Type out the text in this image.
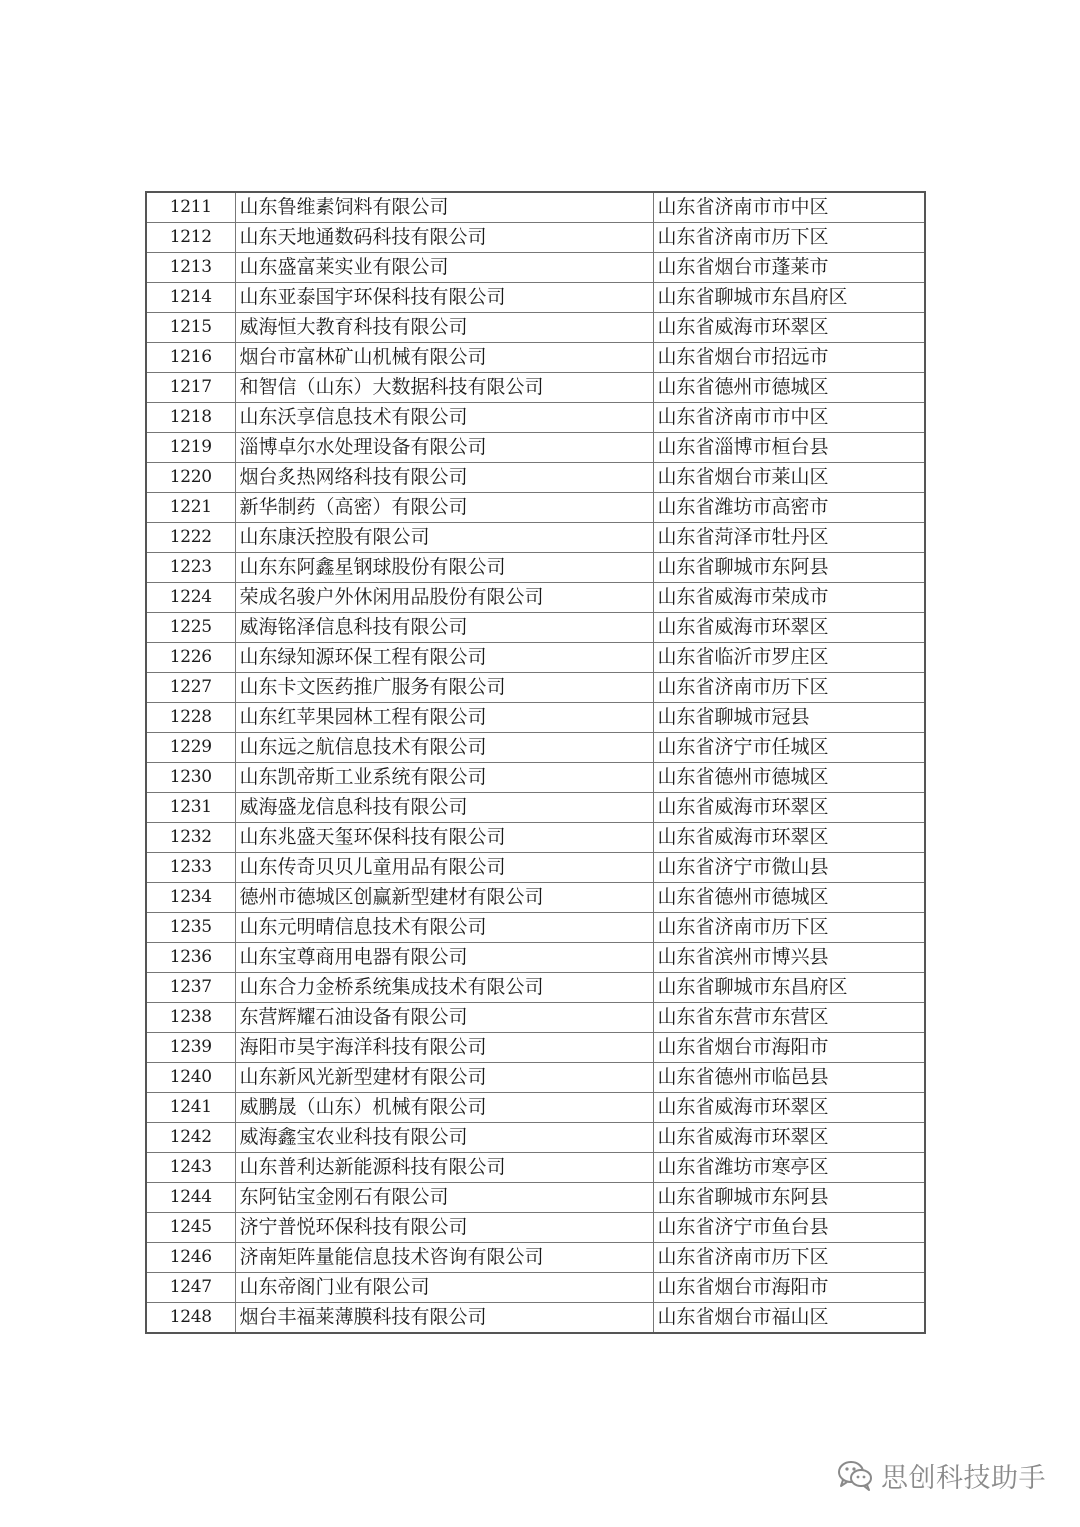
1211	山东鲁维素饲料有限公司	山东省济南市市中区
1212	山东天地通数码科技有限公司	山东省济南市历下区
1213	山东盛富莱实业有限公司	山东省烟台市蓬莱市
1214	山东亚泰国宇环保科技有限公司	山东省聊城市东昌府区
1215	威海恒大教育科技有限公司	山东省威海市环翠区
1216	烟台市富林矿山机械有限公司	山东省烟台市招远市
1217	和智信（山东）大数据科技有限公司	山东省德州市德城区
1218	山东沃享信息技术有限公司	山东省济南市市中区
1219	淄博卓尔水处理设备有限公司	山东省淄博市桓台县
1220	烟台炙热网络科技有限公司	山东省烟台市莱山区
1221	新华制药（高密）有限公司	山东省潍坊市高密市
1222	山东康沃控股有限公司	山东省菏泽市牡丹区
1223	山东东阿鑫星钢球股份有限公司	山东省聊城市东阿县
1224	荣成名骏户外休闲用品股份有限公司	山东省威海市荣成市
1225	威海铭泽信息科技有限公司	山东省威海市环翠区
1226	山东绿知源环保工程有限公司	山东省临沂市罗庄区
1227	山东卡文医药推广服务有限公司	山东省济南市历下区
1228	山东红苹果园林工程有限公司	山东省聊城市冠县
1229	山东远之航信息技术有限公司	山东省济宁市任城区
1230	山东凯帝斯工业系统有限公司	山东省德州市德城区
1231	威海盛龙信息科技有限公司	山东省威海市环翠区
1232	山东兆盛天玺环保科技有限公司	山东省威海市环翠区
1233	山东传奇贝贝儿童用品有限公司	山东省济宁市微山县
1234	德州市德城区创赢新型建材有限公司	山东省德州市德城区
1235	山东元明晴信息技术有限公司	山东省济南市历下区
1236	山东宝尊商用电器有限公司	山东省滨州市博兴县
1237	山东合力金桥系统集成技术有限公司	山东省聊城市东昌府区
1238	东营辉耀石油设备有限公司	山东省东营市东营区
1239	海阳市昊宇海洋科技有限公司	山东省烟台市海阳市
1240	山东新风光新型建材有限公司	山东省德州市临邑县
1241	威鹏晟（山东）机械有限公司	山东省威海市环翠区
1242	威海鑫宝农业科技有限公司	山东省威海市环翠区
1243	山东普利达新能源科技有限公司	山东省潍坊市寒亭区
1244	东阿钻宝金刚石有限公司	山东省聊城市东阿县
1245	济宁普悦环保科技有限公司	山东省济宁市鱼台县
1246	济南矩阵量能信息技术咨询有限公司	山东省济南市历下区
1247	山东帝阁门业有限公司	山东省烟台市海阳市
1248	烟台丰福莱薄膜科技有限公司	山东省烟台市福山区
思创科技助手
